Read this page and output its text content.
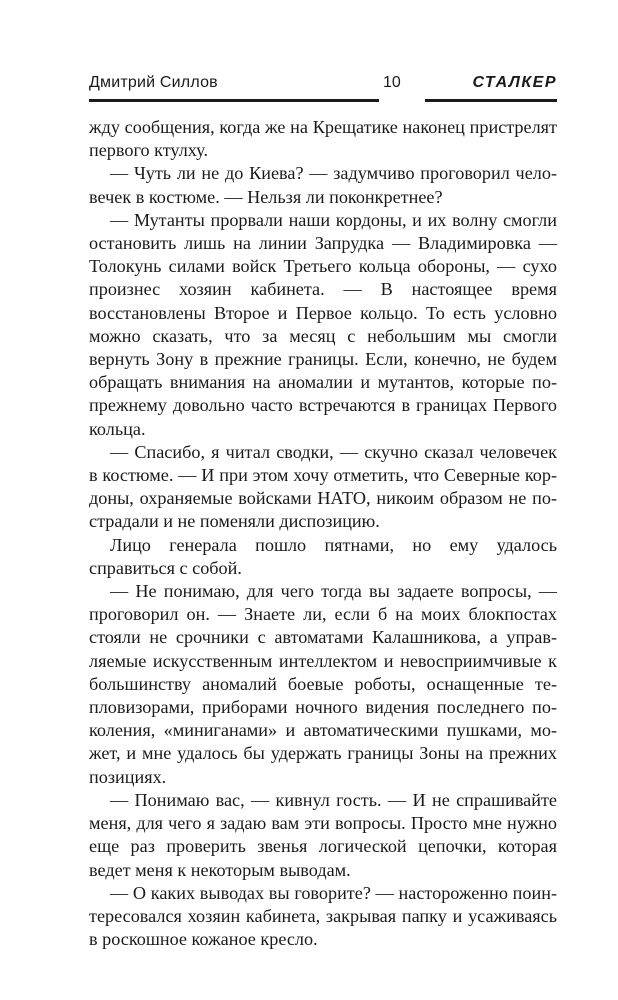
Дмитрий Силлов	10	СТАЛКЕР

жду сообщения, когда же на Крещатике наконец пристрелят первого ктулху.

— Чуть ли не до Киева? — задумчиво проговорил человечек в костюме. — Нельзя ли поконкретнее?

— Мутанты прорвали наши кордоны, и их волну смогли остановить лишь на линии Запрудка — Владимировка — Толокунь силами войск Третьего кольца обороны, — сухо произнес хозяин кабинета. — В настоящее время восстановлены Второе и Первое кольцо. То есть условно можно сказать, что за месяц с небольшим мы смогли вернуть Зону в прежние границы. Если, конечно, не будем обращать внимания на аномалии и мутантов, которые по-прежнему довольно часто встречаются в границах Первого кольца.

— Спасибо, я читал сводки, — скучно сказал человечек в костюме. — И при этом хочу отметить, что Северные кордоны, охраняемые войсками НАТО, никоим образом не пострадали и не поменяли диспозицию.

Лицо генерала пошло пятнами, но ему удалось справиться с собой.

— Не понимаю, для чего тогда вы задаете вопросы, — проговорил он. — Знаете ли, если б на моих блокпостах стояли не срочники с автоматами Калашникова, а управляемые искусственным интеллектом и невосприимчивые к большинству аномалий боевые роботы, оснащенные тепловизорами, приборами ночного видения последнего поколения, «миниганами» и автоматическими пушками, может, и мне удалось бы удержать границы Зоны на прежних позициях.

— Понимаю вас, — кивнул гость. — И не спрашивайте меня, для чего я задаю вам эти вопросы. Просто мне нужно еще раз проверить звенья логической цепочки, которая ведет меня к некоторым выводам.

— О каких выводах вы говорите? — настороженно поинтересовался хозяин кабинета, закрывая папку и усаживаясь в роскошное кожаное кресло.
